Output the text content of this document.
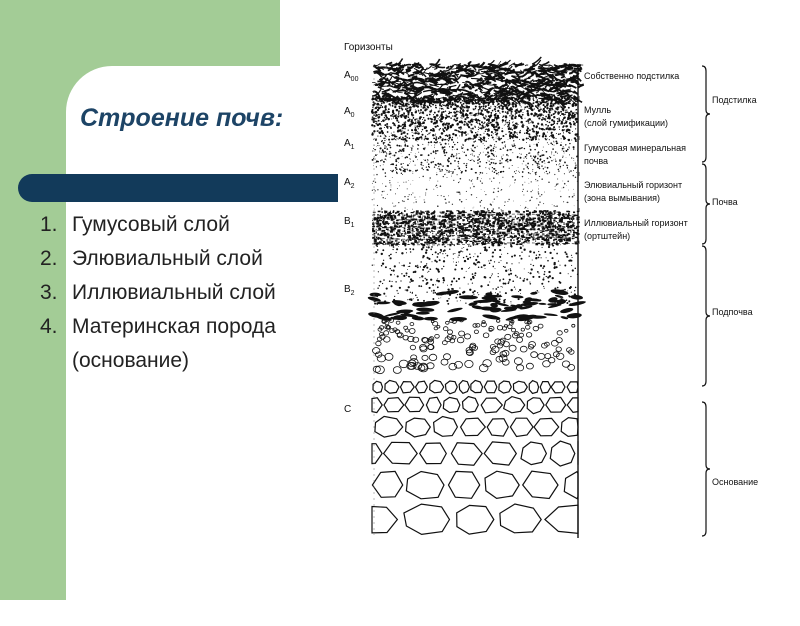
Строение почв:
1. Гумусовый слой
2. Элювиальный слой
3. Иллювиальный слой
4. Материнская порода (основание)
Горизонты
$A_{00}$
$A_0$
$A_1$
$A_2$
$B_1$
$B_2$
C
Собственно подстилка
Мулль
(слой гумификации)
Гумусовая минеральная
почва
Элювиальный горизонт
(зона вымывания)
Иллювиальный горизонт
(ортштейн)
Подстилка
Почва
Подпочва
Основание
